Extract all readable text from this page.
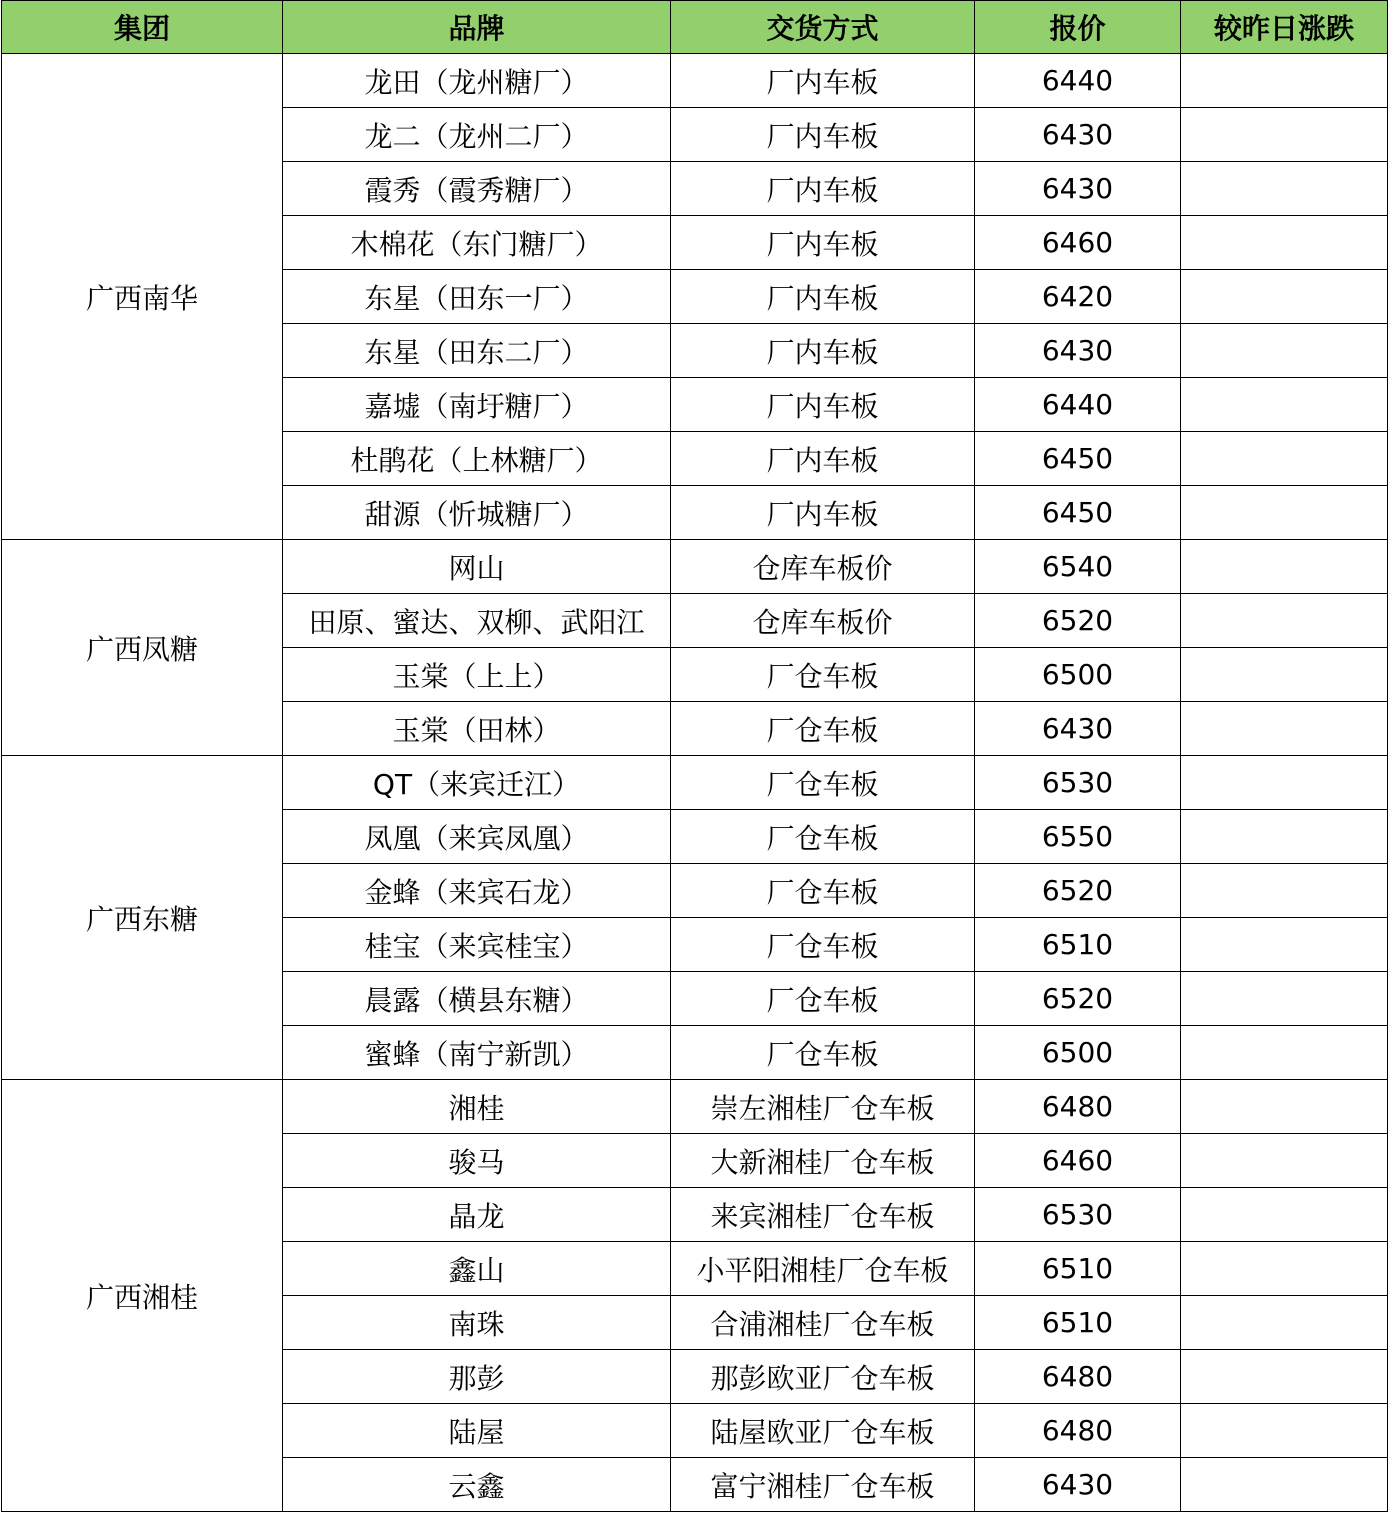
集团	品牌	交货方式	报价	较昨日涨跌
广西南华	龙田（龙州糖厂）	厂内车板	6440	
	龙二（龙州二厂）	厂内车板	6430	
	霞秀（霞秀糖厂）	厂内车板	6430	
	木棉花（东门糖厂）	厂内车板	6460	
	东星（田东一厂）	厂内车板	6420	
	东星（田东二厂）	厂内车板	6430	
	嘉墟（南圩糖厂）	厂内车板	6440	
	杜鹃花（上林糖厂）	厂内车板	6450	
	甜源（忻城糖厂）	厂内车板	6450	
广西凤糖	网山	仓库车板价	6540	
	田原、蜜达、双柳、武阳江	仓库车板价	6520	
	玉棠（上上）	厂仓车板	6500	
	玉棠（田林）	厂仓车板	6430	
广西东糖	QT（来宾迁江）	厂仓车板	6530	
	凤凰（来宾凤凰）	厂仓车板	6550	
	金蜂（来宾石龙）	厂仓车板	6520	
	桂宝（来宾桂宝）	厂仓车板	6510	
	晨露（横县东糖）	厂仓车板	6520	
	蜜蜂（南宁新凯）	厂仓车板	6500	
广西湘桂	湘桂	崇左湘桂厂仓车板	6480	
	骏马	大新湘桂厂仓车板	6460	
	晶龙	来宾湘桂厂仓车板	6530	
	鑫山	小平阳湘桂厂仓车板	6510	
	南珠	合浦湘桂厂仓车板	6510	
	那彭	那彭欧亚厂仓车板	6480	
	陆屋	陆屋欧亚厂仓车板	6480	
	云鑫	富宁湘桂厂仓车板	6430	
